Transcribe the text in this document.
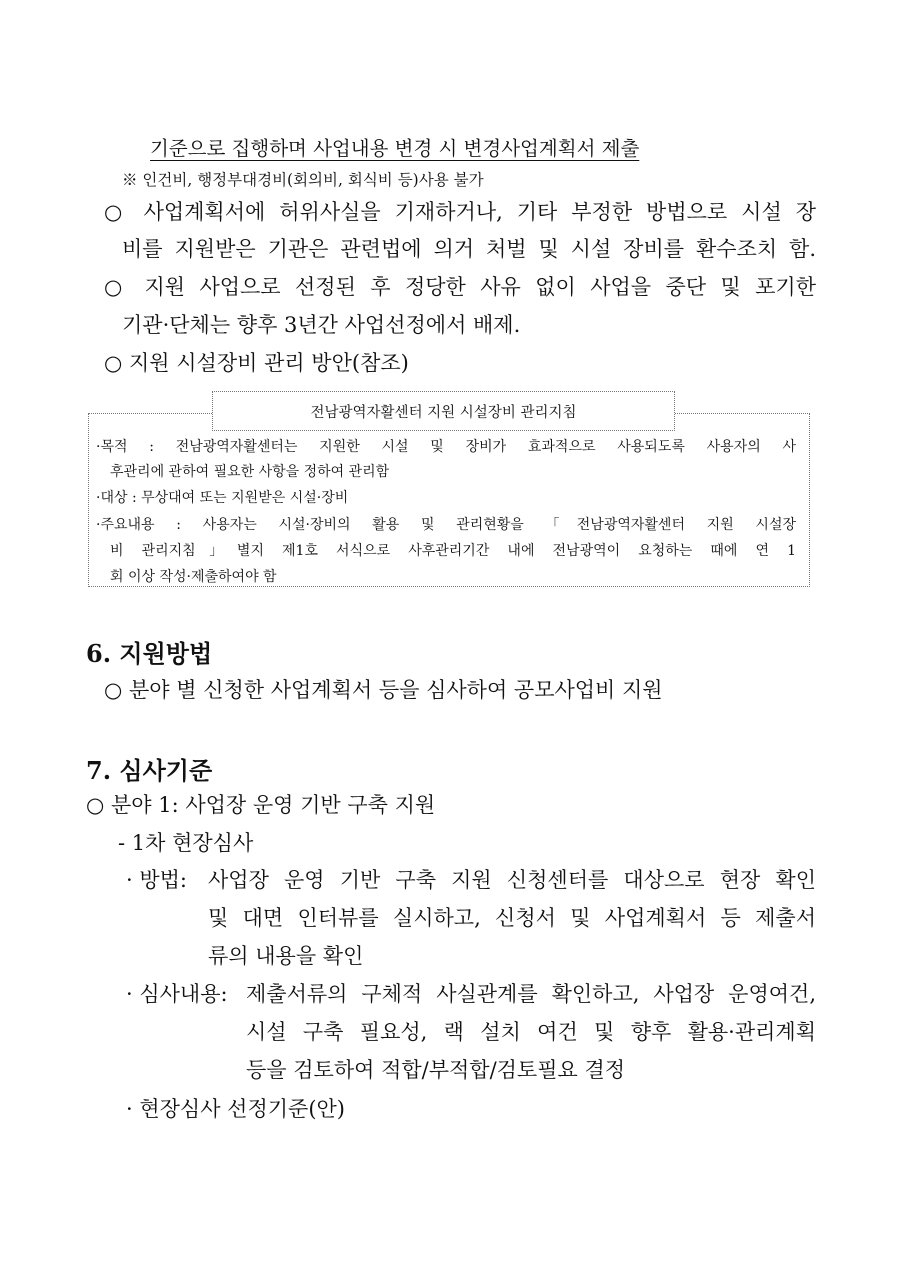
기준으로 집행하며 사업내용 변경 시 변경사업계획서 제출
※ 인건비, 행정부대경비(회의비, 회식비 등)사용 불가
○ 사업계획서에 허위사실을 기재하거나, 기타 부정한 방법으로 시설 장
비를 지원받은 기관은 관련법에 의거 처벌 및 시설 장비를 환수조치 함.
○ 지원 사업으로 선정된 후 정당한 사유 없이 사업을 중단 및 포기한
기관·단체는 향후 3년간 사업선정에서 배제.
○ 지원 시설장비 관리 방안(참조)
전남광역자활센터 지원 시설장비 관리지침
·목적 : 전남광역자활센터는 지원한 시설 및 장비가 효과적으로 사용되도록 사용자의 사
후관리에 관하여 필요한 사항을 정하여 관리함
·대상 : 무상대여 또는 지원받은 시설·장비
·주요내용 : 사용자는 시설·장비의 활용 및 관리현황을 「전남광역자활센터 지원 시설장
비 관리지침」별지 제1호 서식으로 사후관리기간 내에 전남광역이 요청하는 때에 연 1
회 이상 작성·제출하여야 함
6. 지원방법
○ 분야 별 신청한 사업계획서 등을 심사하여 공모사업비 지원
7. 심사기준
○ 분야 1: 사업장 운영 기반 구축 지원
- 1차 현장심사
· 방법: 사업장 운영 기반 구축 지원 신청센터를 대상으로 현장 확인
및 대면 인터뷰를 실시하고, 신청서 및 사업계획서 등 제출서
류의 내용을 확인
· 심사내용: 제출서류의 구체적 사실관계를 확인하고, 사업장 운영여건,
시설 구축 필요성, 랙 설치 여건 및 향후 활용·관리계획
등을 검토하여 적합/부적합/검토필요 결정
· 현장심사 선정기준(안)
